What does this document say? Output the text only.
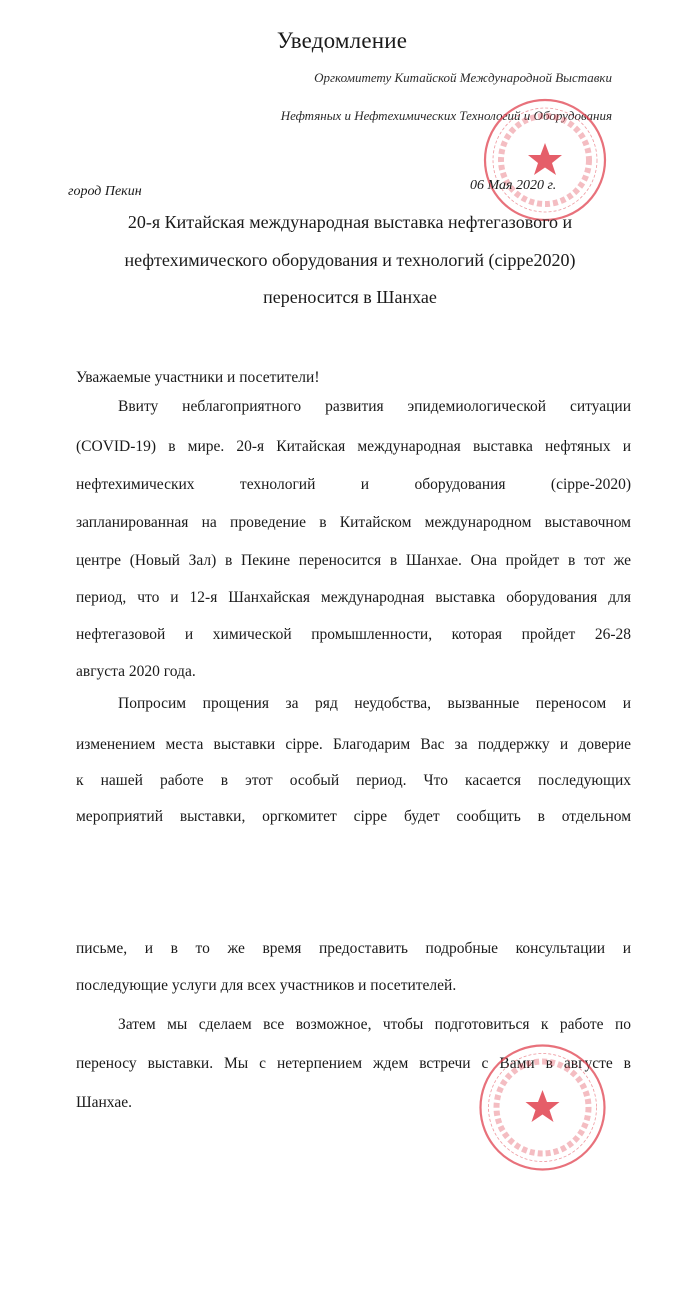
Уведомление
Оргкомитету Китайской Международной Выставки
Нефтяных и Нефтехимических Технологий и Оборудования
город Пекин	06 Мая 2020 г.
20-я Китайская международная выставка нефтегазового и
нефтехимического оборудования и технологий (cippe2020)
переносится в Шанхае
Уважаемые участники и посетители!
Ввиту неблагоприятного развития эпидемиологической ситуации
(COVID-19) в мире. 20-я Китайская международная выставка нефтяных и
нефтехимических технологий и оборудования (cippe-2020)
запланированная на проведение в Китайском международном выставочном
центре (Новый Зал) в Пекине переносится в Шанхае. Она пройдет в тот же
период, что и 12-я Шанхайская международная выставка оборудования для
нефтегазовой и химической промышленности, которая пройдет 26-28
августа 2020 года.
Попросим прощения за ряд неудобства, вызванные переносом и
изменением места выставки cippe. Благодарим Вас за поддержку и доверие
к нашей работе в этот особый период. Что касается последующих
мероприятий выставки, оргкомитет cippe будет сообщить в отдельном
письме, и в то же время предоставить подробные консультации и
последующие услуги для всех участников и посетителей.
Затем мы сделаем все возможное, чтобы подготовиться к работе по
переносу выставки. Мы с нетерпением ждем встречи с Вами в августе в
Шанхае.
